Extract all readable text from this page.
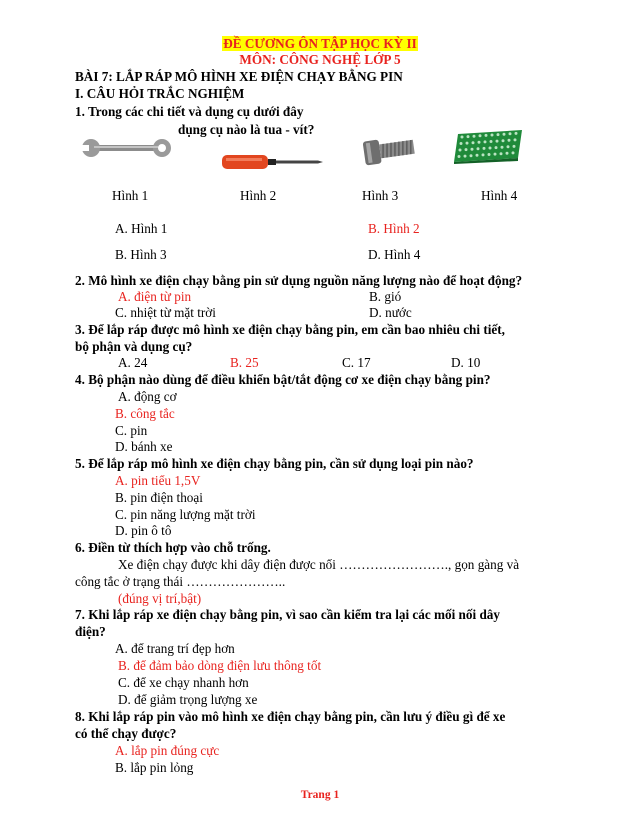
ĐỀ CƯƠNG ÔN TẬP HỌC KỲ II
MÔN: CÔNG NGHỆ LỚP 5
BÀI 7: LẮP RÁP MÔ HÌNH XE ĐIỆN CHẠY BẰNG PIN
I. CÂU HỎI TRẮC NGHIỆM
1. Trong các chi tiết và dụng cụ dưới đây
dụng cụ nào là tua - vít?
Hình 1	Hình 2	Hình 3	Hình 4
A. Hình 1	B. Hình 2
B. Hình 3	D. Hình 4
2. Mô hình xe điện chạy bằng pin sử dụng nguồn năng lượng nào để hoạt động?
A. điện từ pin	B. gió
C. nhiệt từ mặt trời	D. nước
3. Để lắp ráp được mô hình xe điện chạy bằng pin, em cần bao nhiêu chi tiết,
bộ phận và dụng cụ?
A. 24	B. 25	C. 17	D. 10
4. Bộ phận nào dùng để điều khiển bật/tắt động cơ xe điện chạy bằng pin?
A. động cơ
B. công tắc
C. pin
D. bánh xe
5. Để lắp ráp mô hình xe điện chạy bằng pin, cần sử dụng loại pin nào?
A. pin tiểu 1,5V
B. pin điện thoại
C. pin năng lượng mặt trời
D. pin ô tô
6. Điền từ thích hợp vào chỗ trống.
Xe điện chạy được khi dây điện được nối ……………………., gọn gàng và
công tắc ở trạng thái …………………..
(đúng vị trí,bật)
7. Khi lắp ráp xe điện chạy bằng pin, vì sao cần kiểm tra lại các mối nối dây
điện?
A. để trang trí đẹp hơn
B. để đảm bảo dòng điện lưu thông tốt
C. để xe chạy nhanh hơn
D. để giảm trọng lượng xe
8. Khi lắp ráp pin vào mô hình xe điện chạy bằng pin, cần lưu ý điều gì để xe
có thể chạy được?
A. lắp pin đúng cực
B. lắp pin lỏng
Trang 1
